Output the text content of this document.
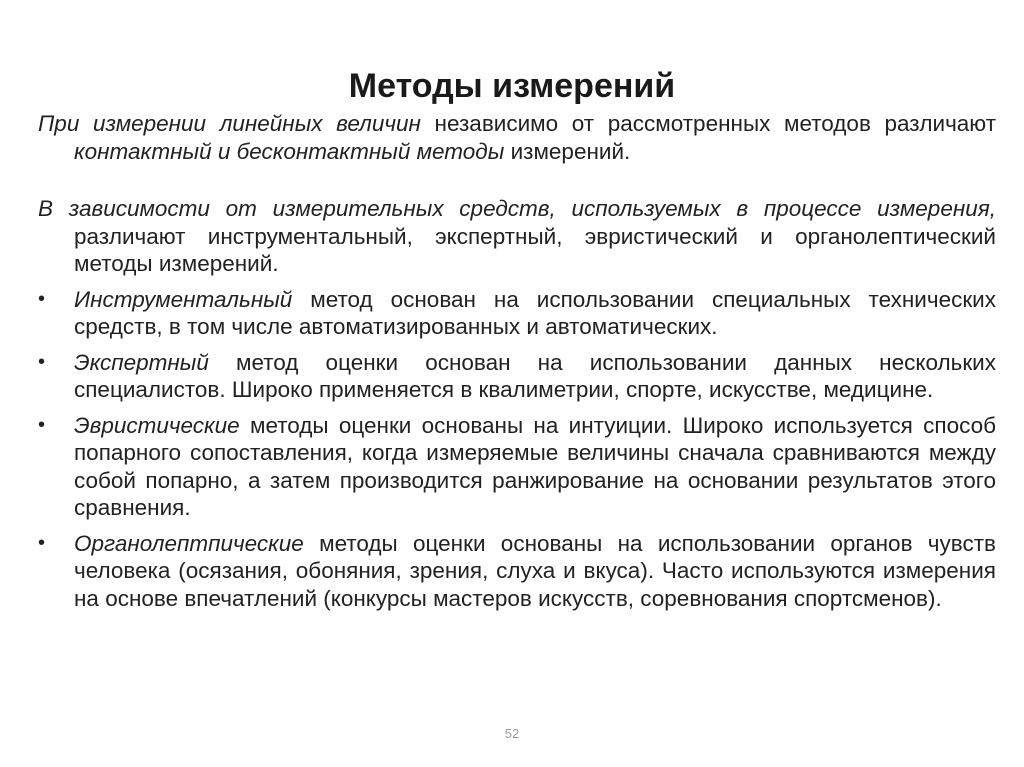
Методы измерений

При измерении линейных величин независимо от рассмотренных методов различают контактный и бесконтактный методы измерений.

В зависимости от измерительных средств, используемых в процессе измерения, различают инструментальный, экспертный, эвристический и органолептический методы измерений.

•	Инструментальный метод основан на использовании специальных технических средств, в том числе автоматизированных и автоматических.
•	Экспертный метод оценки основан на использовании данных нескольких специалистов. Широко применяется в квалиметрии, спорте, искусстве, медицине.
•	Эвристические методы оценки основаны на интуиции. Широко используется способ попарного сопоставления, когда измеряемые величины сначала сравниваются между собой попарно, а затем производится ранжирование на основании результатов этого сравнения.
•	Органолептпические методы оценки основаны на использовании органов чувств человека (осязания, обоняния, зрения, слуха и вкуса). Часто используются измерения на основе впечатлений (конкурсы мастеров искусств, соревнования спортсменов).
52
